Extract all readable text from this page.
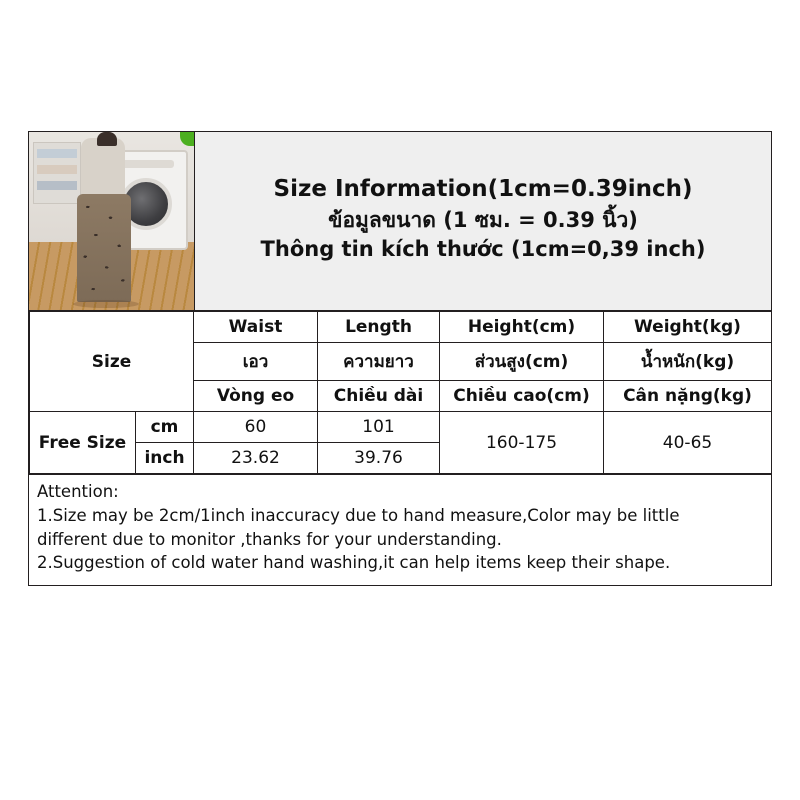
Size Information(1cm=0.39inch)
ข้อมูลขนาด (1 ซม. = 0.39 นิ้ว)
Thông tin kích thước (1cm=0,39 inch)
Size		Waist	Length	Height(cm)	Weight(kg)
		เอว	ความยาว	ส่วนสูง(cm)	น้ำหนัก(kg)
		Vòng eo	Chiều dài	Chiều cao(cm)	Cân nặng(kg)
Free Size	cm	60	101	160-175	40-65
	inch	23.62	39.76		
Attention:
1.Size may be 2cm/1inch inaccuracy due to hand measure,Color may be little
different due to monitor ,thanks for your understanding.
2.Suggestion of cold water hand washing,it can help items keep their shape.
